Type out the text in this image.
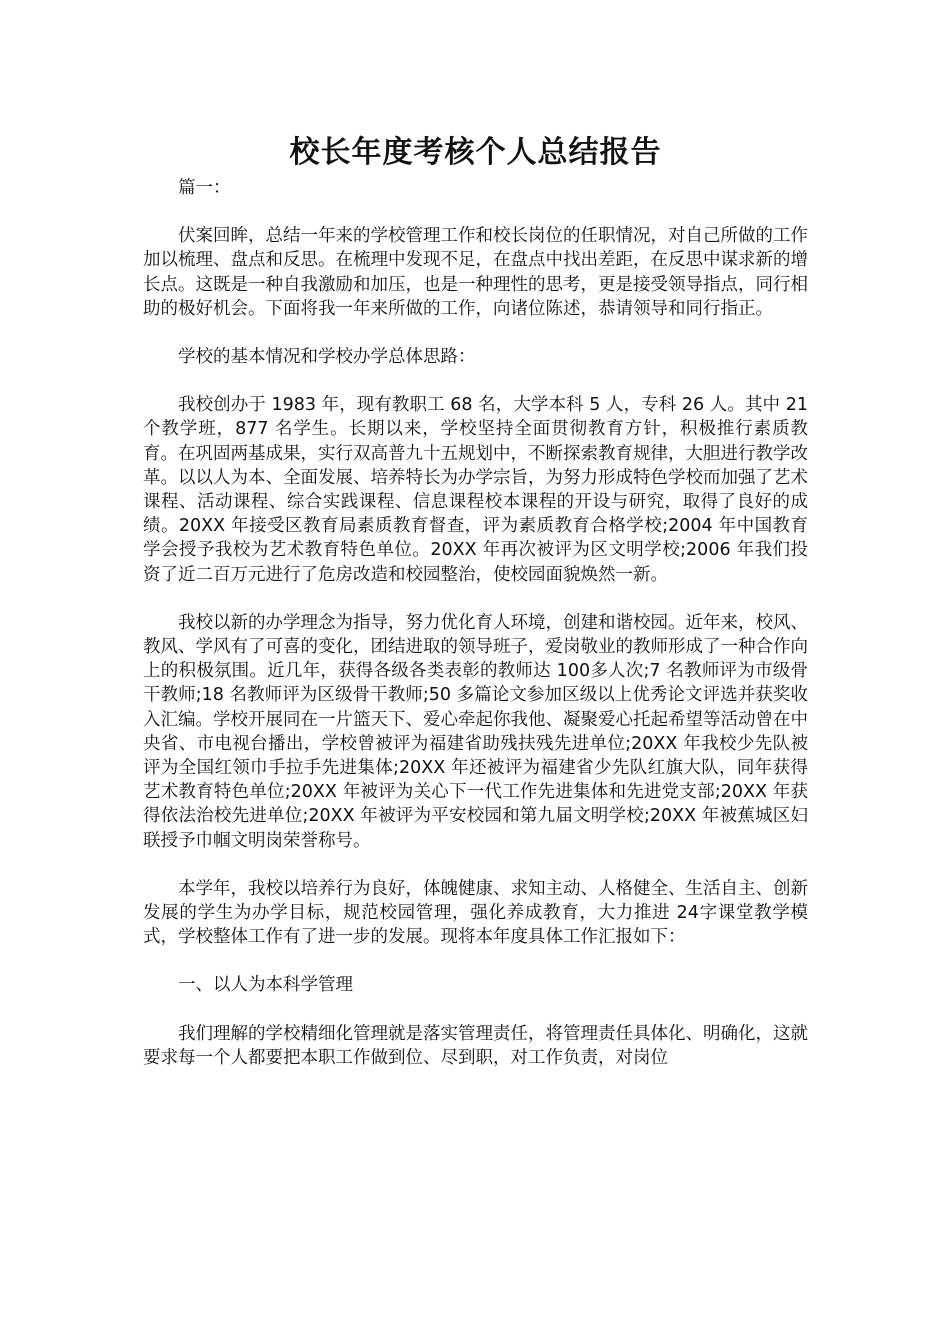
校长年度考核个人总结报告

篇一：

伏案回眸，总结一年来的学校管理工作和校长岗位的任职情况，对自己所做的工作加以梳理、盘点和反思。在梳理中发现不足，在盘点中找出差距，在反思中谋求新的增长点。这既是一种自我激励和加压，也是一种理性的思考，更是接受领导指点，同行相助的极好机会。下面将我一年来所做的工作，向诸位陈述，恭请领导和同行指正。

学校的基本情况和学校办学总体思路：

我校创办于 1983 年，现有教职工 68 名，大学本科 5 人，专科 26 人。其中 21 个教学班，877 名学生。长期以来，学校坚持全面贯彻教育方针，积极推行素质教育。在巩固两基成果，实行双高普九十五规划中，不断探索教育规律，大胆进行教学改革。以以人为本、全面发展、培养特长为办学宗旨，为努力形成特色学校而加强了艺术课程、活动课程、综合实践课程、信息课程校本课程的开设与研究，取得了良好的成绩。20XX 年接受区教育局素质教育督查，评为素质教育合格学校;2004 年中国教育学会授予我校为艺术教育特色单位。20XX 年再次被评为区文明学校;2006 年我们投资了近二百万元进行了危房改造和校园整治，使校园面貌焕然一新。

我校以新的办学理念为指导，努力优化育人环境，创建和谐校园。近年来，校风、教风、学风有了可喜的变化，团结进取的领导班子，爱岗敬业的教师形成了一种合作向上的积极氛围。近几年，获得各级各类表彰的教师达 100多人次;7 名教师评为市级骨干教师;18 名教师评为区级骨干教师;50 多篇论文参加区级以上优秀论文评选并获奖收入汇编。学校开展同在一片篮天下、爱心牵起你我他、凝聚爱心托起希望等活动曾在中央省、市电视台播出，学校曾被评为福建省助残扶残先进单位;20XX 年我校少先队被评为全国红领巾手拉手先进集体;20XX 年还被评为福建省少先队红旗大队，同年获得艺术教育特色单位;20XX 年被评为关心下一代工作先进集体和先进党支部;20XX 年获得依法治校先进单位;20XX 年被评为平安校园和第九届文明学校;20XX 年被蕉城区妇联授予巾帼文明岗荣誉称号。

本学年，我校以培养行为良好，体魄健康、求知主动、人格健全、生活自主、创新发展的学生为办学目标，规范校园管理，强化养成教育，大力推进 24字课堂教学模式，学校整体工作有了进一步的发展。现将本年度具体工作汇报如下：

一、以人为本科学管理

我们理解的学校精细化管理就是落实管理责任，将管理责任具体化、明确化，这就要求每一个人都要把本职工作做到位、尽到职，对工作负责，对岗位
